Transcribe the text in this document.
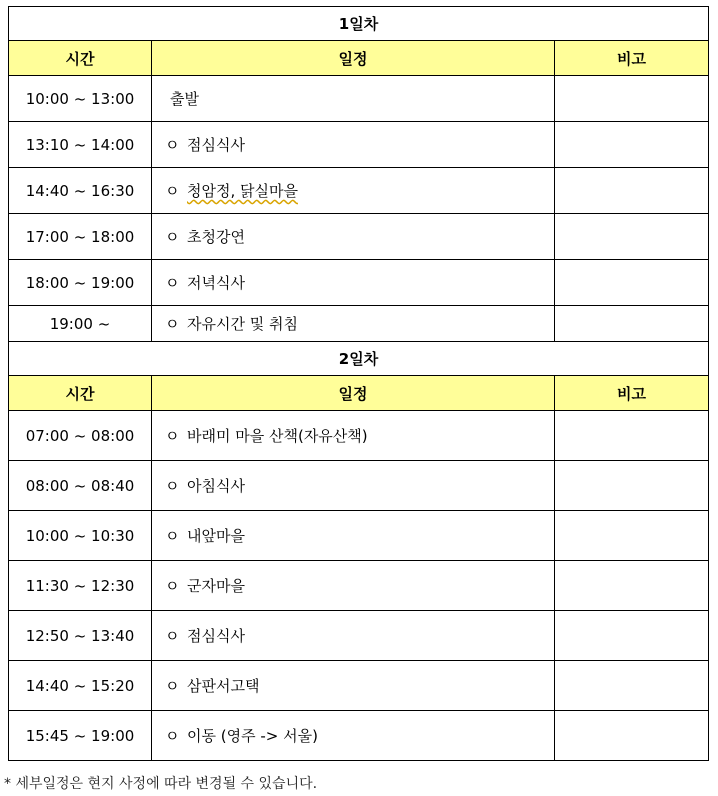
1일차		
시간	일정	비고
10:00 ~ 13:00	출발	
13:10 ~ 14:00	ㅇ 점심식사	
14:40 ~ 16:30	ㅇ 청암정, 닭실마을	
17:00 ~ 18:00	ㅇ 초청강연	
18:00 ~ 19:00	ㅇ 저녁식사	
19:00 ~	ㅇ 자유시간 및 취침	
2일차		
시간	일정	비고
07:00 ~ 08:00	ㅇ 바래미 마을 산책(자유산책)	
08:00 ~ 08:40	ㅇ 아침식사	
10:00 ~ 10:30	ㅇ 내앞마을	
11:30 ~ 12:30	ㅇ 군자마을	
12:50 ~ 13:40	ㅇ 점심식사	
14:40 ~ 15:20	ㅇ 삼판서고택	
15:45 ~ 19:00	ㅇ 이동 (영주 -> 서울)	
* 세부일정은 현지 사정에 따라 변경될 수 있습니다.
